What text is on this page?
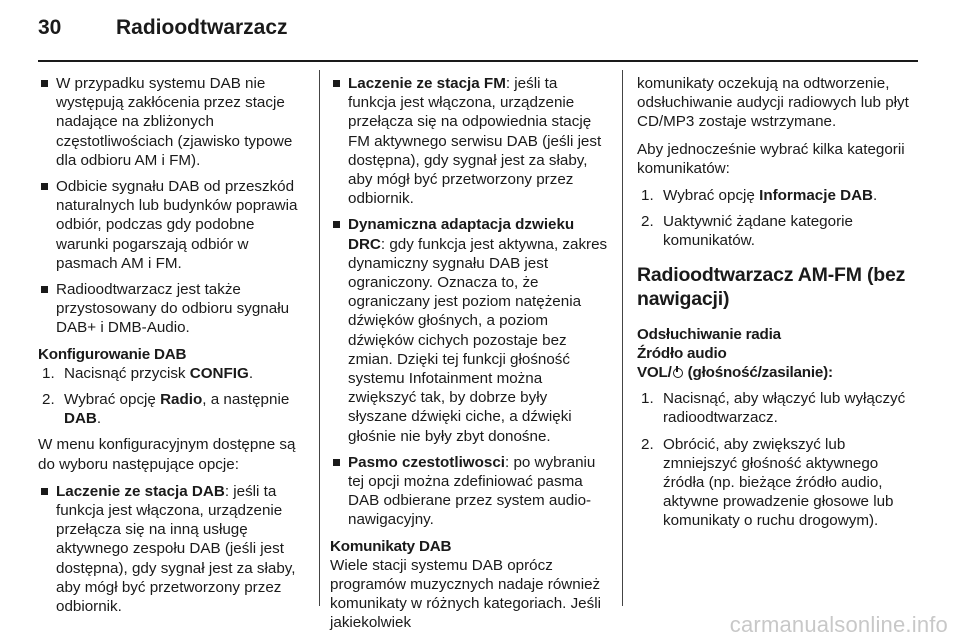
30	Radioodtwarzacz
W przypadku systemu DAB nie występują zakłócenia przez stacje nadające na zbliżonych częstotliwościach (zjawisko typowe dla odbioru AM i FM).
Odbicie sygnału DAB od przeszkód naturalnych lub budynków poprawia odbiór, podczas gdy podobne warunki pogarszają odbiór w pasmach AM i FM.
Radioodtwarzacz jest także przystosowany do odbioru sygnału DAB+ i DMB-Audio.
Konfigurowanie DAB
1. Nacisnąć przycisk CONFIG.
2. Wybrać opcję Radio, a następnie DAB.

W menu konfiguracyjnym dostępne są do wyboru następujące opcje:

Laczenie ze stacja DAB: jeśli ta funkcja jest włączona, urządzenie przełącza się na inną usługę aktywnego zespołu DAB (jeśli jest dostępna), gdy sygnał jest za słaby, aby mógł być przetworzony przez odbiornik.
Laczenie ze stacja FM: jeśli ta funkcja jest włączona, urządzenie przełącza się na odpowiednia stację FM aktywnego serwisu DAB (jeśli jest dostępna), gdy sygnał jest za słaby, aby mógł być przetworzony przez odbiornik.
Dynamiczna adaptacja dzwieku DRC: gdy funkcja jest aktywna, zakres dynamiczny sygnału DAB jest ograniczony. Oznacza to, że ograniczany jest poziom natężenia dźwięków głośnych, a poziom dźwięków cichych pozostaje bez zmian. Dzięki tej funkcji głośność systemu Infotainment można zwiększyć tak, by dobrze były słyszane dźwięki ciche, a dźwięki głośnie nie były zbyt donośne.
Pasmo czestotliwosci: po wybraniu tej opcji można zdefiniować pasma DAB odbierane przez system audio-nawigacyjny.
Komunikaty DAB

Wiele stacji systemu DAB oprócz programów muzycznych nadaje również komunikaty w różnych kategoriach. Jeśli jakiekolwiek

komunikaty oczekują na odtworzenie, odsłuchiwanie audycji radiowych lub płyt CD/MP3 zostaje wstrzymane.

Aby jednocześnie wybrać kilka kategorii komunikatów:

1. Wybrać opcję Informacje DAB.
2. Uaktywnić żądane kategorie komunikatów.
Radioodtwarzacz AM-FM (bez nawigacji)
Odsłuchiwanie radia
Źródło audio
VOL/ (głośność/zasilanie):
1. Nacisnąć, aby włączyć lub wyłączyć radioodtwarzacz.
2. Obrócić, aby zwiększyć lub zmniejszyć głośność aktywnego źródła (np. bieżące źródło audio, aktywne prowadzenie głosowe lub komunikaty o ruchu drogowym).
carmanualsonline.info
